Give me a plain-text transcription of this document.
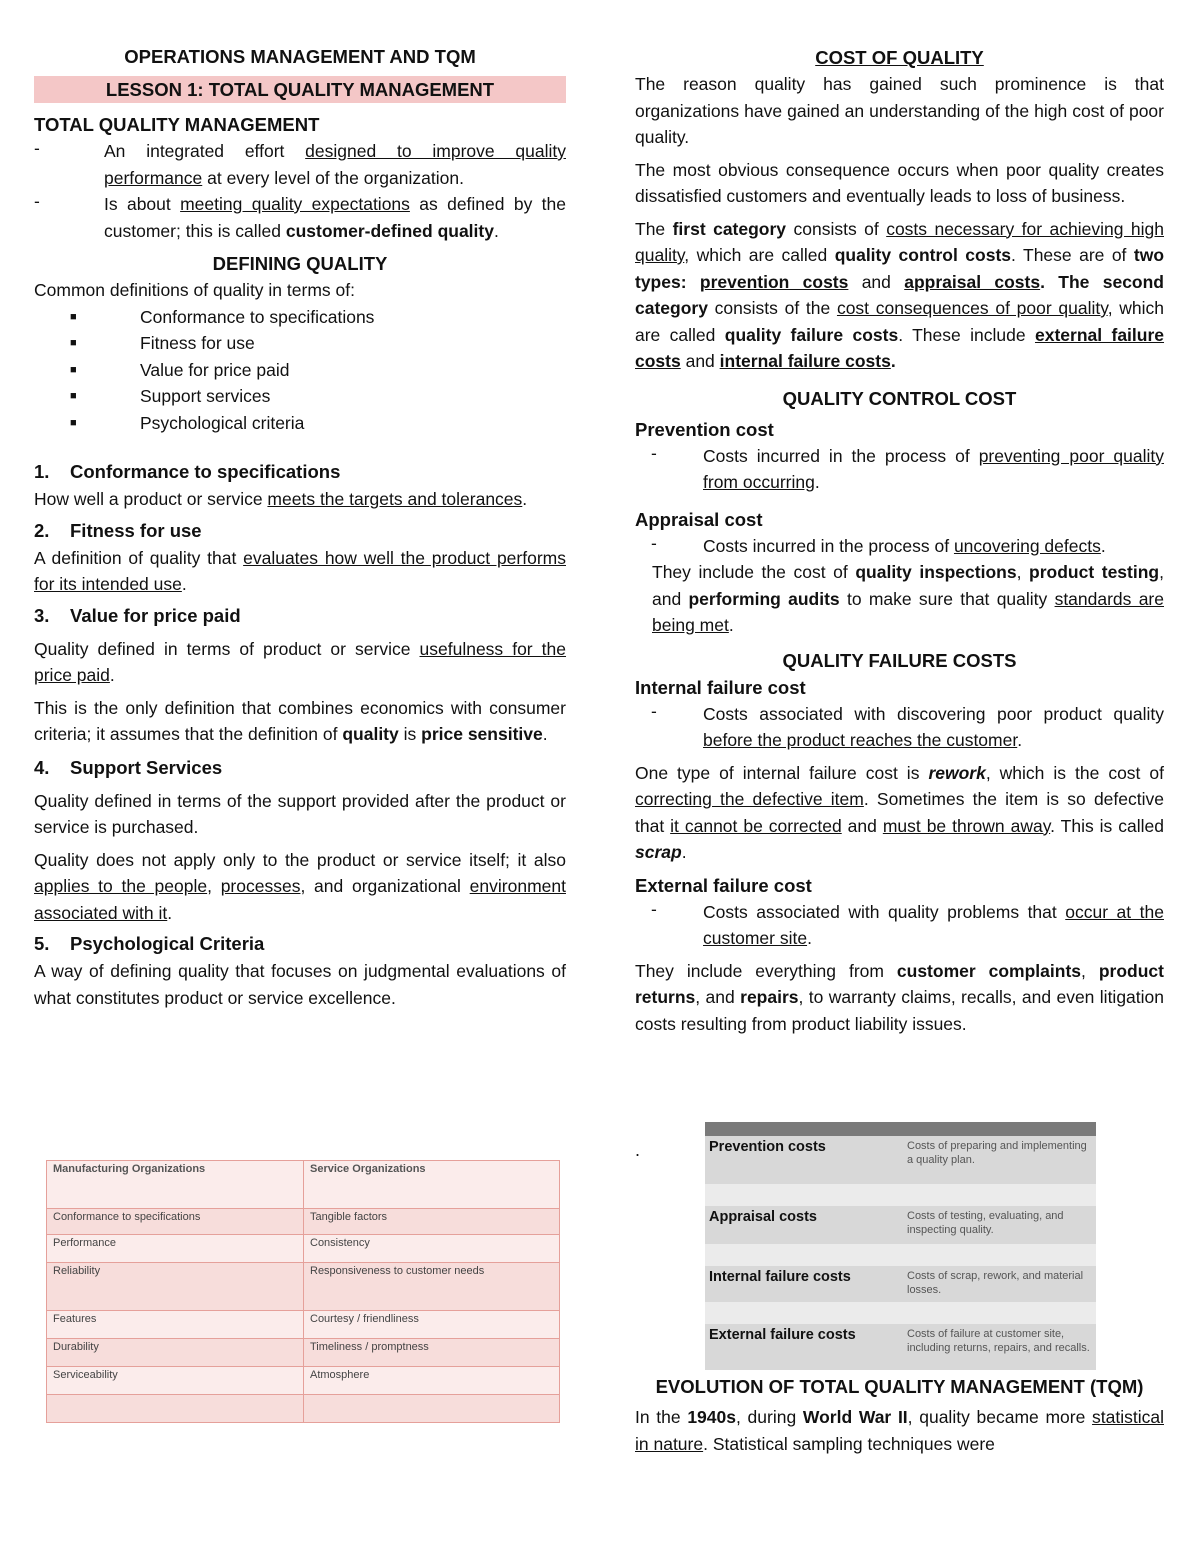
OPERATIONS MANAGEMENT AND TQM
LESSON 1: TOTAL QUALITY MANAGEMENT
TOTAL QUALITY MANAGEMENT
-	An integrated effort designed to improve quality performance at every level of the organization.
-	Is about meeting quality expectations as defined by the customer; this is called customer-defined quality.
DEFINING QUALITY

Common definitions of quality in terms of:

■	Conformance to specifications
■	Fitness for use
■	Value for price paid
■	Support services
■	Psychological criteria
1.	Conformance to specifications

How well a product or service meets the targets and tolerances.

2.	Fitness for use

A definition of quality that evaluates how well the product performs for its intended use.

3.	Value for price paid

Quality defined in terms of product or service usefulness for the price paid.

This is the only definition that combines economics with consumer criteria; it assumes that the definition of quality is price sensitive.

4.	Support Services

Quality defined in terms of the support provided after the product or service is purchased.

Quality does not apply only to the product or service itself; it also applies to the people, processes, and organizational environment associated with it.

5.	Psychological Criteria

A way of defining quality that focuses on judgmental evaluations of what constitutes product or service excellence.

Manufacturing Organizations	Service Organizations
Conformance to specifications	Tangible factors
Performance	Consistency
Reliability	Responsiveness to customer needs
Features	Courtesy / friendliness
Durability	Timeliness / promptness
Serviceability	Atmosphere

COST OF QUALITY

The reason quality has gained such prominence is that organizations have gained an understanding of the high cost of poor quality.

The most obvious consequence occurs when poor quality creates dissatisfied customers and eventually leads to loss of business.

The first category consists of costs necessary for achieving high quality, which are called quality control costs. These are of two types: prevention costs and appraisal costs. The second category consists of the cost consequences of poor quality, which are called quality failure costs. These include external failure costs and internal failure costs.

QUALITY CONTROL COST
Prevention cost
-	Costs incurred in the process of preventing poor quality from occurring.
Appraisal cost
-	Costs incurred in the process of uncovering defects.

They include the cost of quality inspections, product testing, and performing audits to make sure that quality standards are being met.

QUALITY FAILURE COSTS
Internal failure cost
-	Costs associated with discovering poor product quality before the product reaches the customer.

One type of internal failure cost is rework, which is the cost of correcting the defective item. Sometimes the item is so defective that it cannot be corrected and must be thrown away. This is called scrap.

External failure cost
-	Costs associated with quality problems that occur at the customer site.

They include everything from customer complaints, product returns, and repairs, to warranty claims, recalls, and even litigation costs resulting from product liability issues.

.
		Prevention costs	Costs of preparing and implementing a quality plan.

Appraisal costs	Costs of testing, evaluating, and inspecting quality.

Internal failure costs	Costs of scrap, rework, and material losses.

External failure costs	Costs of failure at customer site, including returns, repairs, and recalls.
EVOLUTION OF TOTAL QUALITY MANAGEMENT (TQM)

In the 1940s, during World War II, quality became more statistical in nature. Statistical sampling techniques were
